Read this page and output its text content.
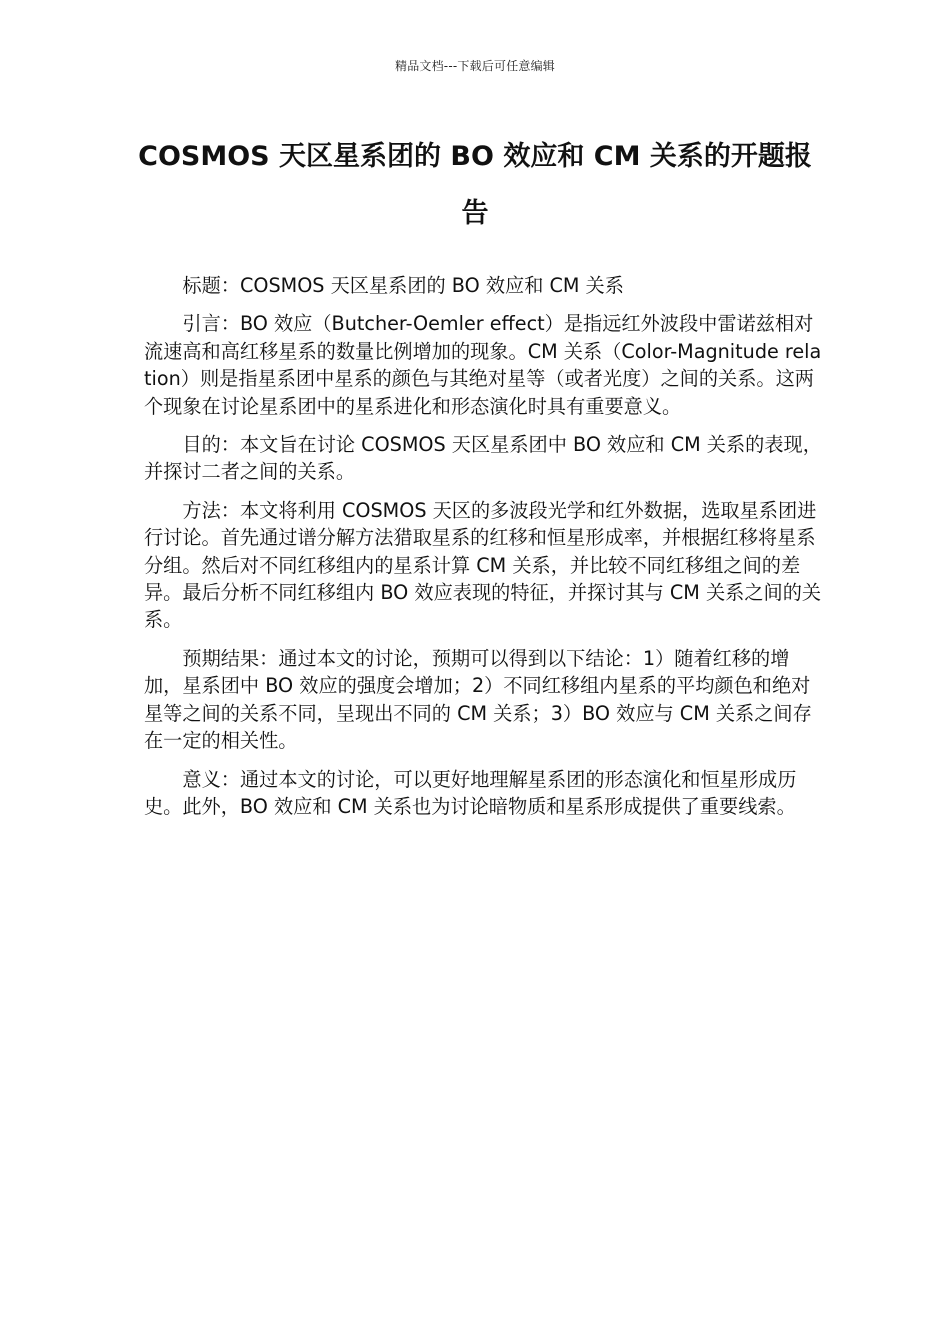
精品文档---下载后可任意编辑
COSMOS 天区星系团的 BO 效应和 CM 关系的开题报告

标题：COSMOS 天区星系团的 BO 效应和 CM 关系

引言：BO 效应（Butcher-Oemler effect）是指远红外波段中雷诺兹相对流速高和高红移星系的数量比例增加的现象。CM 关系（Color-Magnitude relation）则是指星系团中星系的颜色与其绝对星等（或者光度）之间的关系。这两个现象在讨论星系团中的星系进化和形态演化时具有重要意义。

目的：本文旨在讨论 COSMOS 天区星系团中 BO 效应和 CM 关系的表现，并探讨二者之间的关系。

方法：本文将利用 COSMOS 天区的多波段光学和红外数据，选取星系团进行讨论。首先通过谱分解方法猎取星系的红移和恒星形成率，并根据红移将星系分组。然后对不同红移组内的星系计算 CM 关系，并比较不同红移组之间的差异。最后分析不同红移组内 BO 效应表现的特征，并探讨其与 CM 关系之间的关系。

预期结果：通过本文的讨论，预期可以得到以下结论：1）随着红移的增加，星系团中 BO 效应的强度会增加；2）不同红移组内星系的平均颜色和绝对星等之间的关系不同，呈现出不同的 CM 关系；3）BO 效应与 CM 关系之间存在一定的相关性。

意义：通过本文的讨论，可以更好地理解星系团的形态演化和恒星形成历史。此外，BO 效应和 CM 关系也为讨论暗物质和星系形成提供了重要线索。
